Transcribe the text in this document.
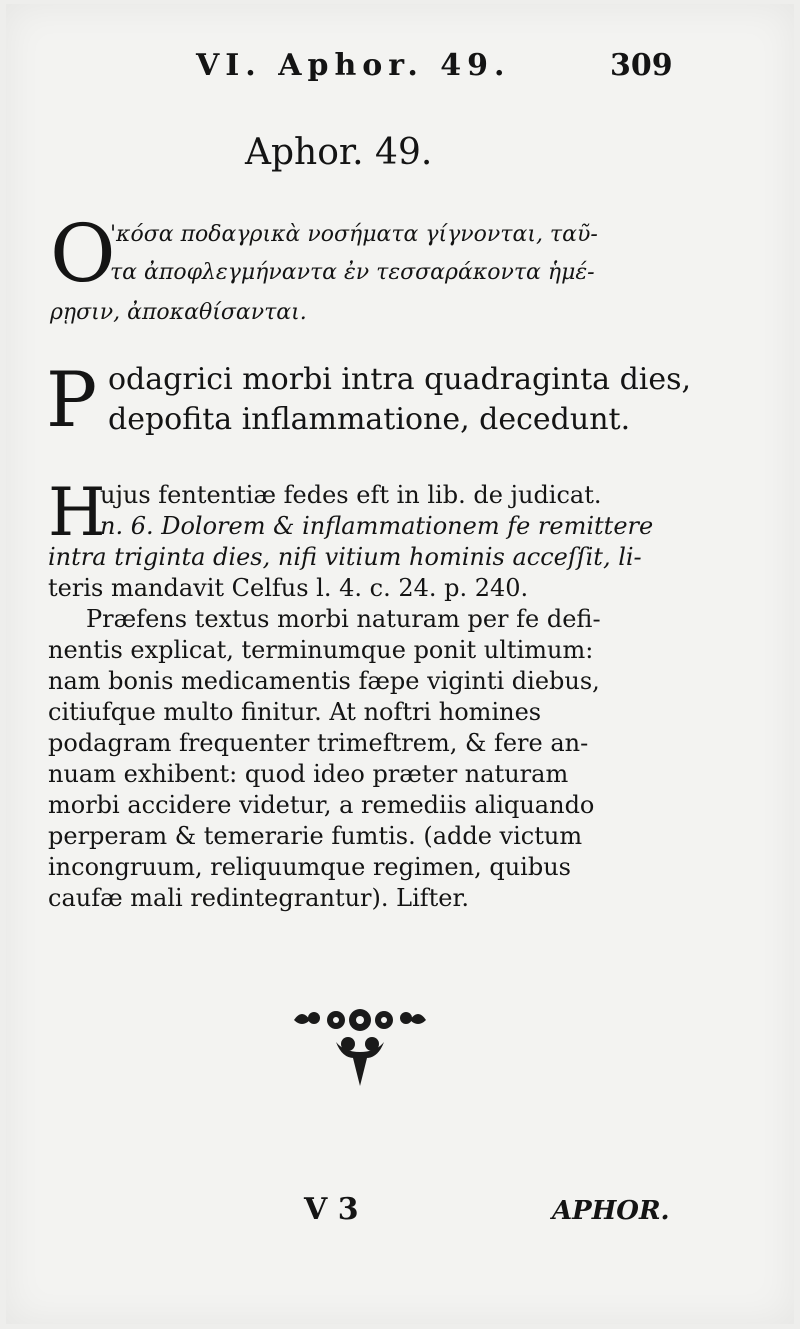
VI. Aphor. 49.	309
Aphor. 49.
O
'κόσα ποδαγρικὰ νοσήματα γίγνονται, ταῦ-
τα ἀποφλεγμήναντα ἐν τεσσαράκοντα ἡμέ-
ρῃσιν, ἀποκαθίσανται.
P odagrici morbi intra quadraginta dies,
depofita inflammatione, decedunt.
H
ujus fententiæ fedes eft in lib. de judicat.
n. 6. Dolorem & inflammationem fe remittere
intra triginta dies, nifi vitium hominis acceſſit, li-
teris mandavit Celfus l. 4. c. 24. p. 240.
Præfens textus morbi naturam per fe defi-
nentis explicat, terminumque ponit ultimum:
nam bonis medicamentis fæpe viginti diebus,
citiufque multo finitur. At noftri homines
podagram frequenter trimeftrem, & fere an-
nuam exhibent: quod ideo præter naturam
morbi accidere videtur, a remediis aliquando
perperam & temerarie fumtis. (adde victum
incongruum, reliquumque regimen, quibus
caufæ mali redintegrantur). Lifter.
V 3	APHOR.
